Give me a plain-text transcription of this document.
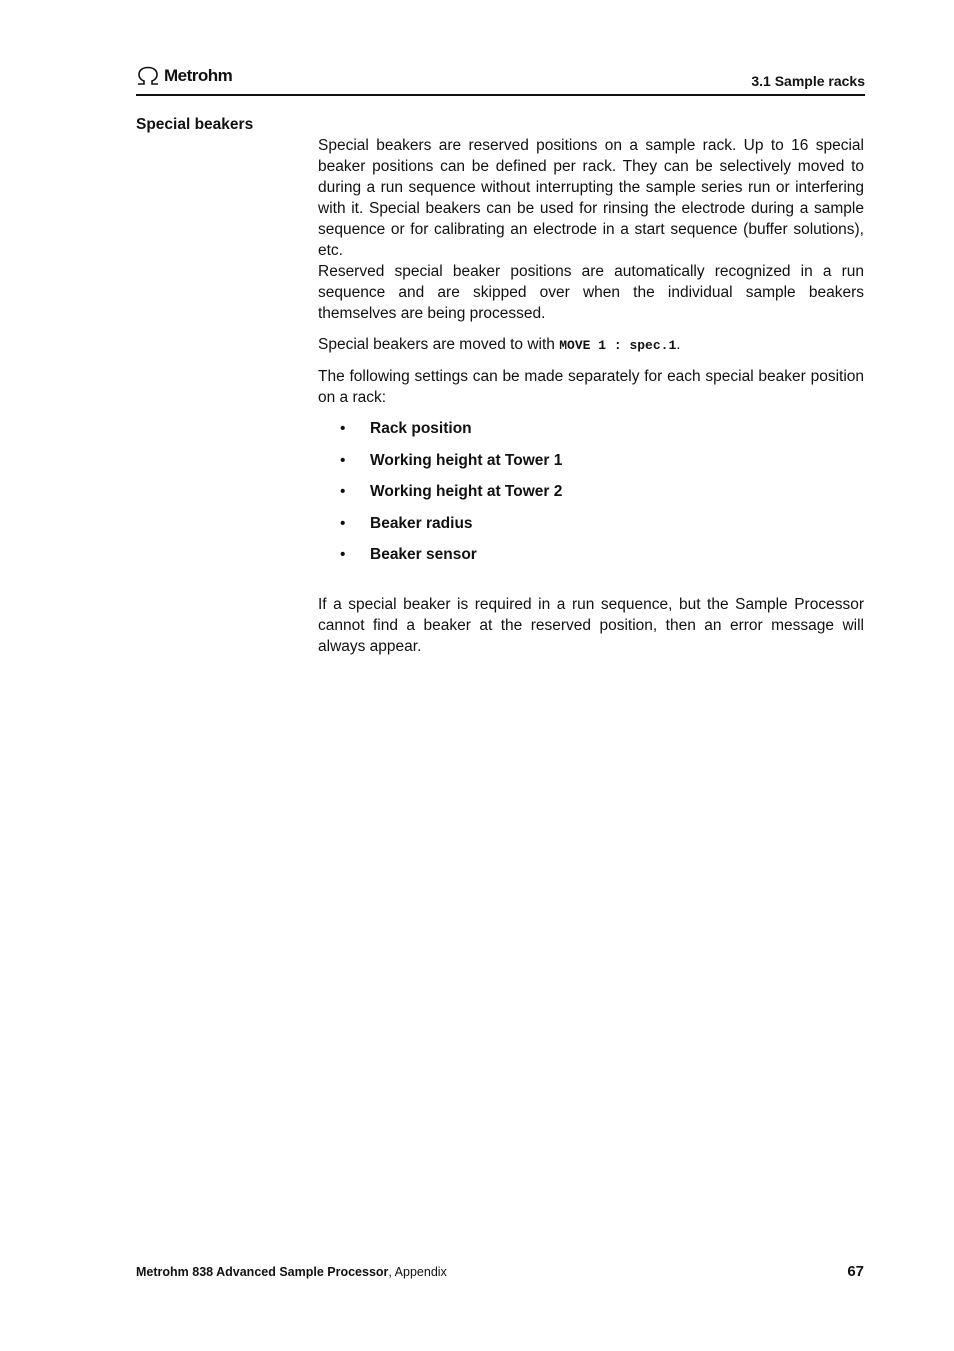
Metrohm	3.1 Sample racks
Special beakers

Special beakers are reserved positions on a sample rack. Up to 16 special beaker positions can be defined per rack. They can be selectively moved to during a run sequence without interrupting the sample series run or interfering with it. Special beakers can be used for rinsing the electrode during a sample sequence or for calibrating an electrode in a start sequence (buffer solutions), etc.

Reserved special beaker positions are automatically recognized in a run sequence and are skipped over when the individual sample beakers themselves are being processed.

Special beakers are moved to with MOVE 1 : spec.1.

The following settings can be made separately for each special beaker position on a rack:

• Rack position
• Working height at Tower 1
• Working height at Tower 2
• Beaker radius
• Beaker sensor

If a special beaker is required in a run sequence, but the Sample Processor cannot find a beaker at the reserved position, then an error message will always appear.

Metrohm 838 Advanced Sample Processor, Appendix	67
